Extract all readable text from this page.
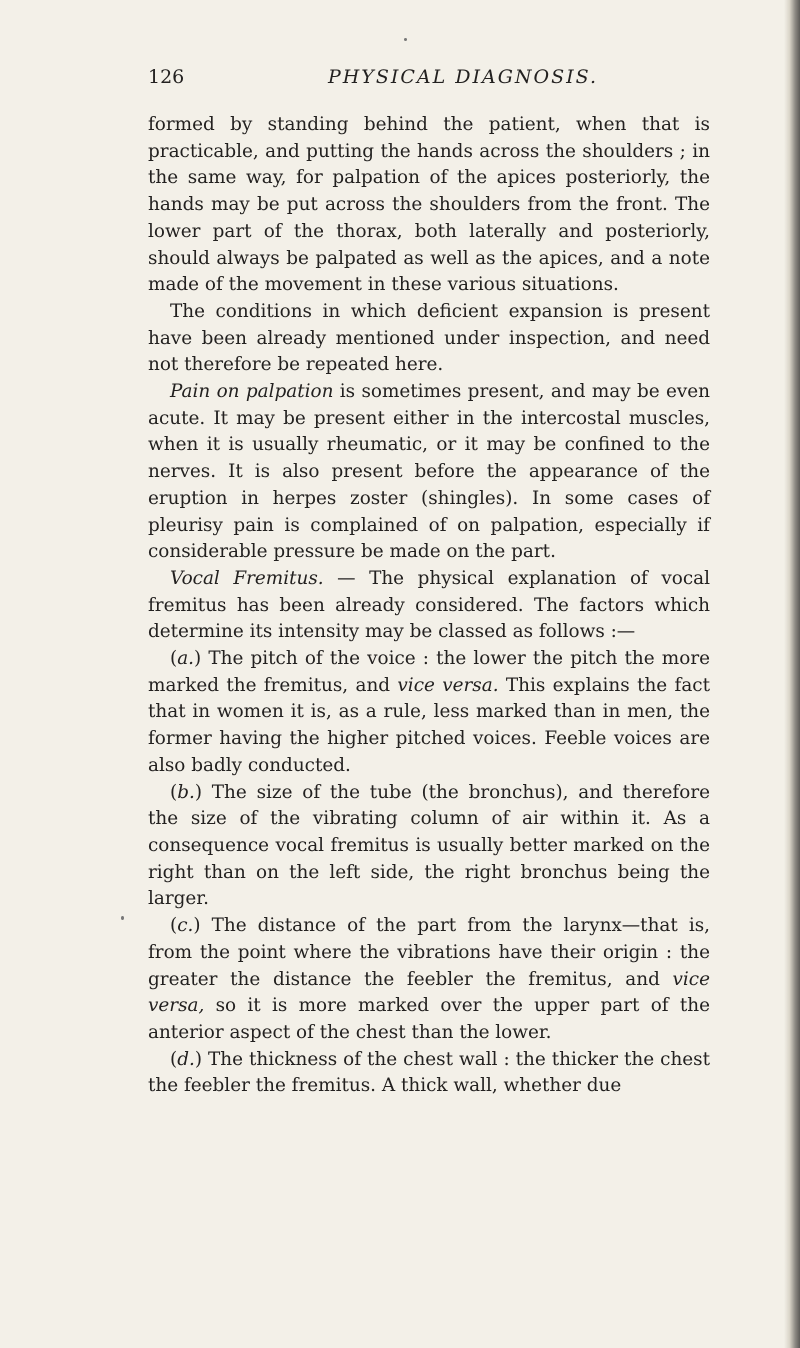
126	PHYSICAL DIAGNOSIS.

formed by standing behind the patient, when that is practicable, and putting the hands across the shoulders ; in the same way, for palpation of the apices posteriorly, the hands may be put across the shoulders from the front. The lower part of the thorax, both laterally and posteriorly, should always be palpated as well as the apices, and a note made of the movement in these various situations.

The conditions in which deficient expansion is present have been already mentioned under inspection, and need not therefore be repeated here.

Pain on palpation is sometimes present, and may be even acute. It may be present either in the intercostal muscles, when it is usually rheumatic, or it may be confined to the nerves. It is also present before the appearance of the eruption in herpes zoster (shingles). In some cases of pleurisy pain is complained of on palpation, especially if considerable pressure be made on the part.

Vocal Fremitus. — The physical explanation of vocal fremitus has been already considered. The factors which determine its intensity may be classed as follows :—

(a.) The pitch of the voice : the lower the pitch the more marked the fremitus, and vice versa. This explains the fact that in women it is, as a rule, less marked than in men, the former having the higher pitched voices. Feeble voices are also badly conducted.

(b.) The size of the tube (the bronchus), and therefore the size of the vibrating column of air within it. As a consequence vocal fremitus is usually better marked on the right than on the left side, the right bronchus being the larger.

(c.) The distance of the part from the larynx—that is, from the point where the vibrations have their origin : the greater the distance the feebler the fremitus, and vice versa, so it is more marked over the upper part of the anterior aspect of the chest than the lower.

(d.) The thickness of the chest wall : the thicker the chest the feebler the fremitus. A thick wall, whether due
